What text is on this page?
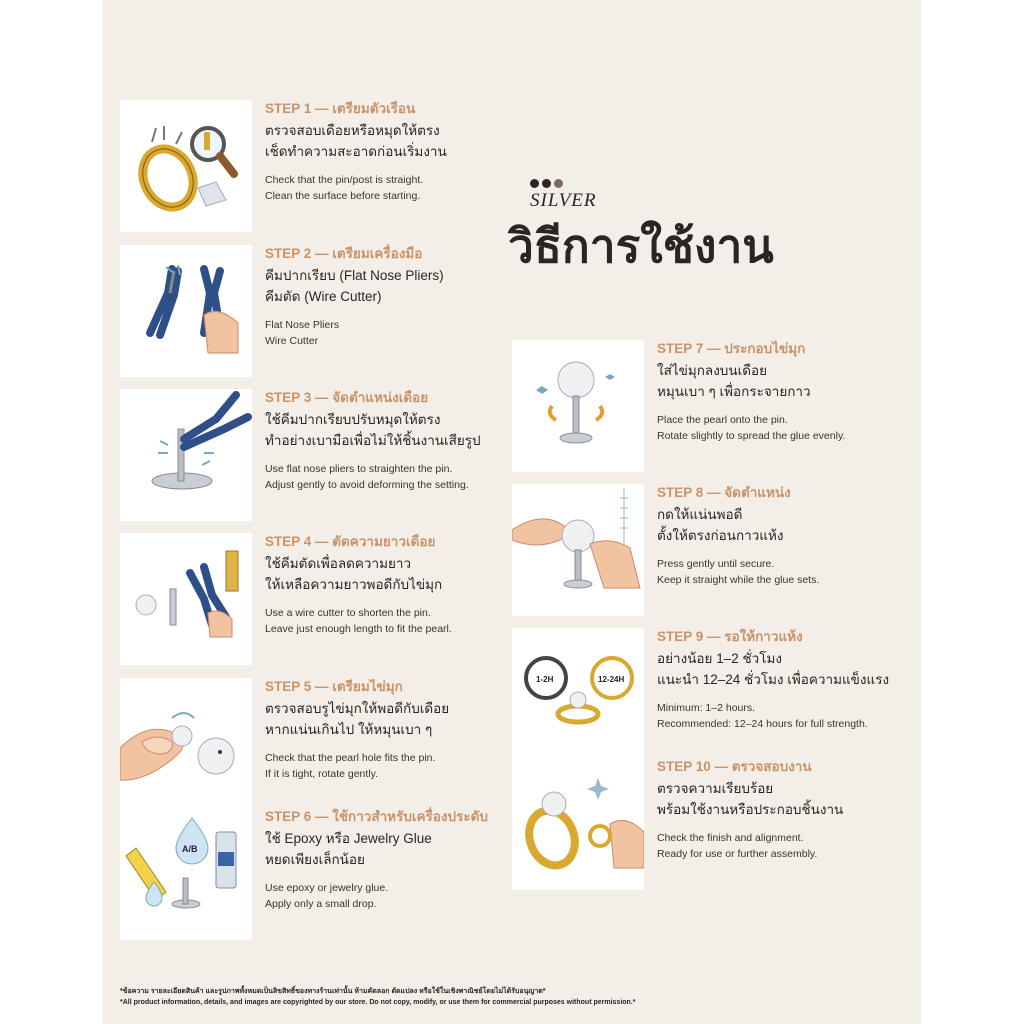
SILVER
วิธีการใช้งาน
STEP 1 — เตรียมตัวเรือน
ตรวจสอบเดือยหรือหมุดให้ตรง
เช็ดทำความสะอาดก่อนเริ่มงาน
Check that the pin/post is straight.
Clean the surface before starting.
STEP 2 — เตรียมเครื่องมือ
คีมปากเรียบ (Flat Nose Pliers)
คีมตัด (Wire Cutter)
Flat Nose Pliers
Wire Cutter
STEP 3 — จัดตำแหน่งเดือย
ใช้คีมปากเรียบปรับหมุดให้ตรง
ทำอย่างเบามือเพื่อไม่ให้ชิ้นงานเสียรูป
Use flat nose pliers to straighten the pin.
Adjust gently to avoid deforming the setting.
STEP 4 — ตัดความยาวเดือย
ใช้คีมตัดเพื่อลดความยาว
ให้เหลือความยาวพอดีกับไข่มุก
Use a wire cutter to shorten the pin.
Leave just enough length to fit the pearl.
STEP 5 — เตรียมไข่มุก
ตรวจสอบรูไข่มุกให้พอดีกับเดือย
หากแน่นเกินไป ให้หมุนเบา ๆ
Check that the pearl hole fits the pin.
If it is tight, rotate gently.
A/B
STEP 6 — ใช้กาวสำหรับเครื่องประดับ
ใช้ Epoxy หรือ Jewelry Glue
หยดเพียงเล็กน้อย
Use epoxy or jewelry glue.
Apply only a small drop.
STEP 7 — ประกอบไข่มุก
ใส่ไข่มุกลงบนเดือย
หมุนเบา ๆ เพื่อกระจายกาว
Place the pearl onto the pin.
Rotate slightly to spread the glue evenly.
STEP 8 — จัดตำแหน่ง
กดให้แน่นพอดี
ตั้งให้ตรงก่อนกาวแห้ง
Press gently until secure.
Keep it straight while the glue sets.
1-2H	12-24H
STEP 9 — รอให้กาวแห้ง
อย่างน้อย 1–2 ชั่วโมง
แนะนำ 12–24 ชั่วโมง เพื่อความแข็งแรง
Minimum: 1–2 hours.
Recommended: 12–24 hours for full strength.
STEP 10 — ตรวจสอบงาน
ตรวจความเรียบร้อย
พร้อมใช้งานหรือประกอบชิ้นงาน
Check the finish and alignment.
Ready for use or further assembly.
*ข้อความ รายละเอียดสินค้า และรูปภาพทั้งหมดเป็นลิขสิทธิ์ของทางร้านเท่านั้น ห้ามคัดลอก ดัดแปลง หรือใช้ในเชิงพาณิชย์โดยไม่ได้รับอนุญาต*
*All product information, details, and images are copyrighted by our store. Do not copy, modify, or use them for commercial purposes without permission.*
